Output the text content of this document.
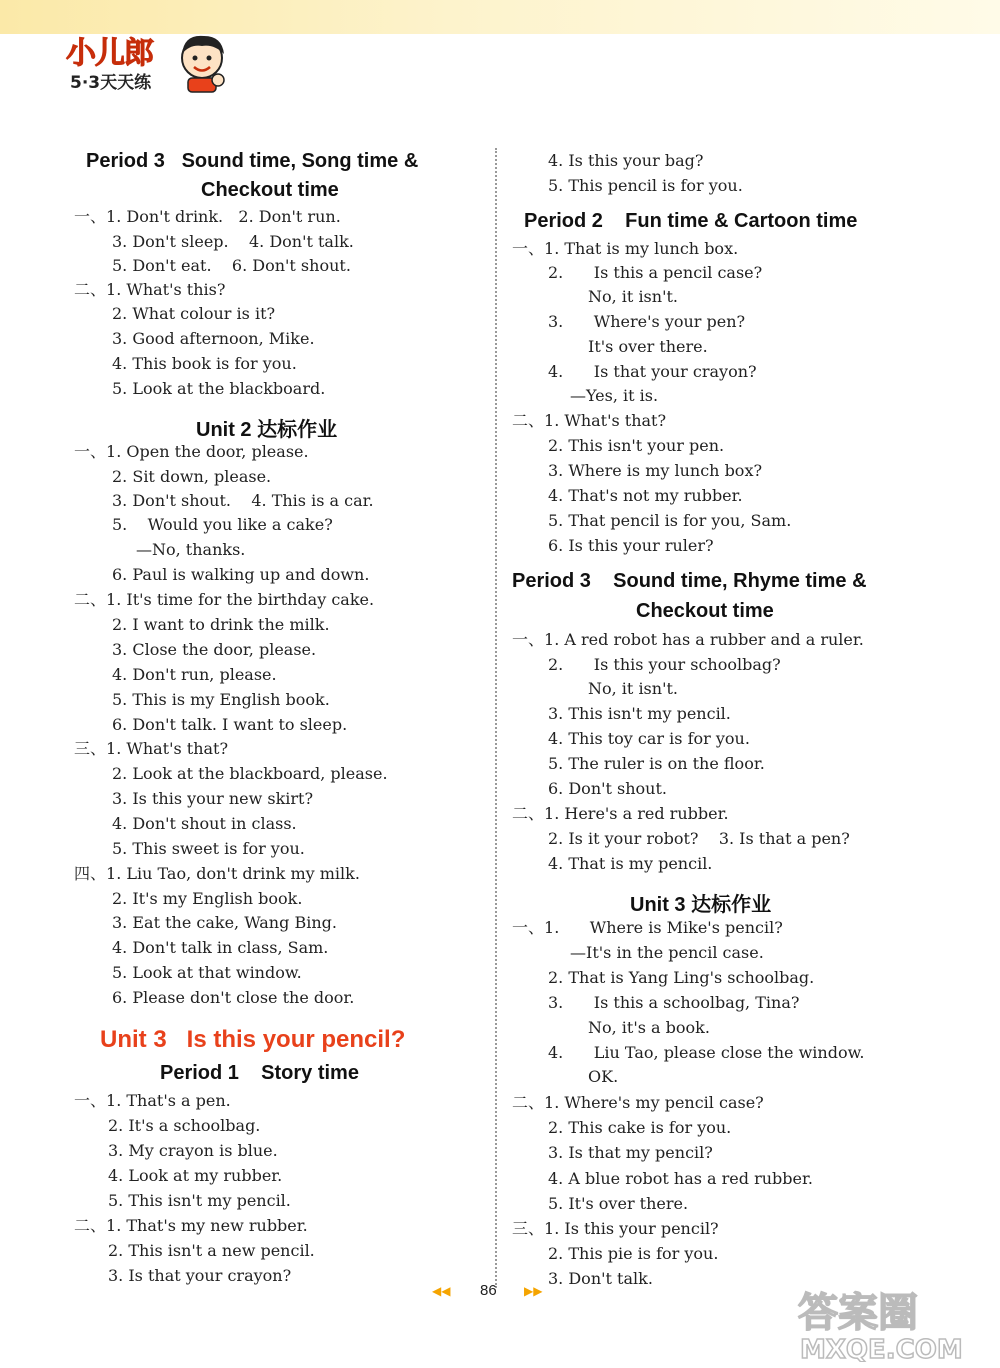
小儿郎
5·3天天练
Period 3   Sound time, Song time &
Checkout time
一、1. Don't drink.   2. Don't run.
3. Don't sleep.    4. Don't talk.
5. Don't eat.    6. Don't shout.
二、1. What's this?
2. What colour is it?
3. Good afternoon, Mike.
4. This book is for you.
5. Look at the blackboard.
Unit 2 达标作业
一、1. Open the door, please.
2. Sit down, please.
3. Don't shout.    4. This is a car.
5.    Would you like a cake?
—No, thanks.
6. Paul is walking up and down.
二、1. It's time for the birthday cake.
2. I want to drink the milk.
3. Close the door, please.
4. Don't run, please.
5. This is my English book.
6. Don't talk. I want to sleep.
三、1. What's that?
2. Look at the blackboard, please.
3. Is this your new skirt?
4. Don't shout in class.
5. This sweet is for you.
四、1. Liu Tao, don't drink my milk.
2. It's my English book.
3. Eat the cake, Wang Bing.
4. Don't talk in class, Sam.
5. Look at that window.
6. Please don't close the door.
Unit 3   Is this your pencil?
Period 1    Story time
一、1. That's a pen.
2. It's a schoolbag.
3. My crayon is blue.
4. Look at my rubber.
5. This isn't my pencil.
二、1. That's my new rubber.
2. This isn't a new pencil.
3. Is that your crayon?
4. Is this your bag?
5. This pencil is for you.
Period 2    Fun time & Cartoon time
一、1. That is my lunch box.
2.      Is this a pencil case?
No, it isn't.
3.      Where's your pen?
It's over there.
4.      Is that your crayon?
—Yes, it is.
二、1. What's that?
2. This isn't your pen.
3. Where is my lunch box?
4. That's not my rubber.
5. That pencil is for you, Sam.
6. Is this your ruler?
Period 3    Sound time, Rhyme time &
Checkout time
一、1. A red robot has a rubber and a ruler.
2.      Is this your schoolbag?
No, it isn't.
3. This isn't my pencil.
4. This toy car is for you.
5. The ruler is on the floor.
6. Don't shout.
二、1. Here's a red rubber.
2. Is it your robot?    3. Is that a pen?
4. That is my pencil.
Unit 3 达标作业
一、1.      Where is Mike's pencil?
—It's in the pencil case.
2. That is Yang Ling's schoolbag.
3.      Is this a schoolbag, Tina?
No, it's a book.
4.      Liu Tao, please close the window.
OK.
二、1. Where's my pencil case?
2. This cake is for you.
3. Is that my pencil?
4. A blue robot has a red rubber.
5. It's over there.
三、1. Is this your pencil?
2. This pie is for you.
3. Don't talk.
◀◀ 86 ▶▶	答案圈
MXQE.COM
